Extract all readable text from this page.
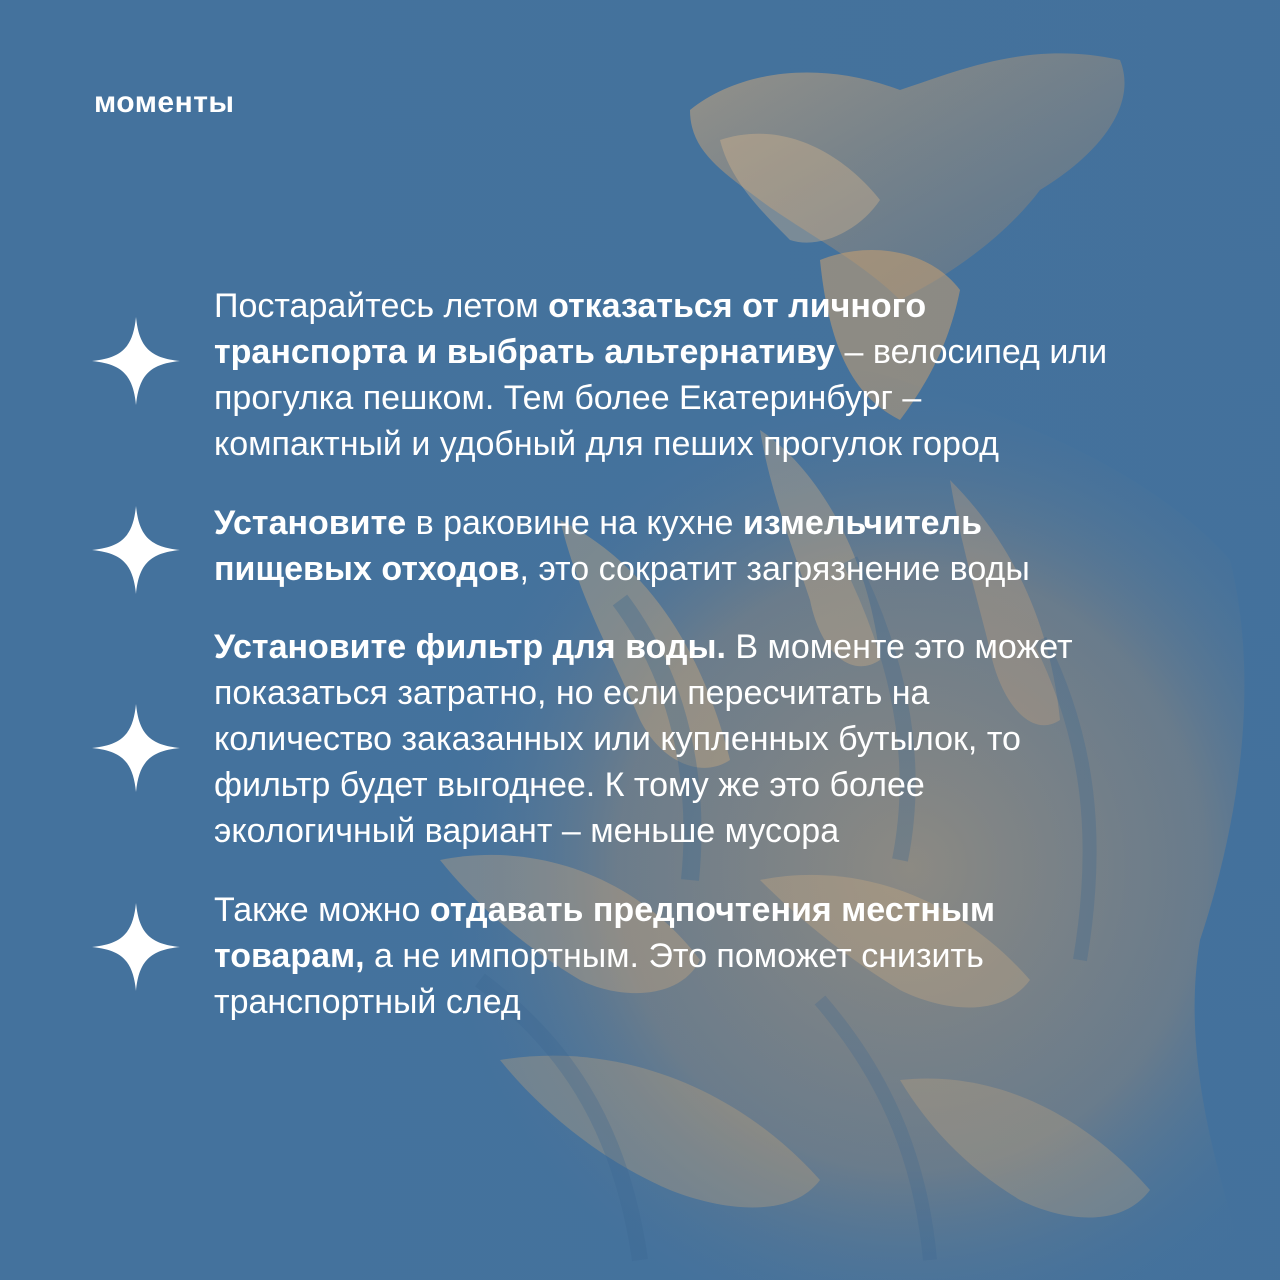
моменты
Постарайтесь летом отказаться от личного
транспорта и выбрать альтернативу – велосипед или
прогулка пешком. Тем более Екатеринбург –
компактный и удобный для пеших прогулок город
Установите в раковине на кухне измельчитель
пищевых отходов, это сократит загрязнение воды
Установите фильтр для воды. В моменте это может
показаться затратно, но если пересчитать на
количество заказанных или купленных бутылок, то
фильтр будет выгоднее. К тому же это более
экологичный вариант – меньше мусора
Также можно отдавать предпочтения местным
товарам, а не импортным. Это поможет снизить
транспортный след
